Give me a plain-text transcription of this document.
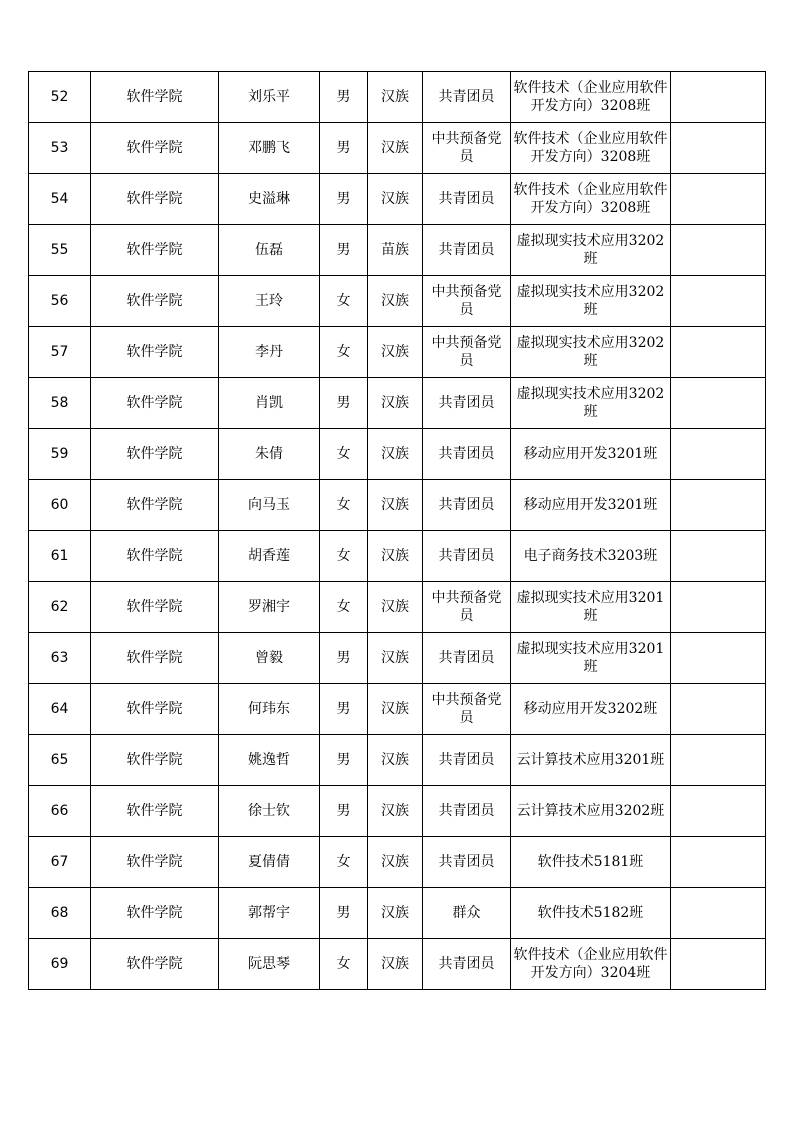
52	软件学院	刘乐平	男	汉族	共青团员	软件技术（企业应用软件开发方向）3208班	
53	软件学院	邓鹏飞	男	汉族	中共预备党员	软件技术（企业应用软件开发方向）3208班	
54	软件学院	史溢琳	男	汉族	共青团员	软件技术（企业应用软件开发方向）3208班	
55	软件学院	伍磊	男	苗族	共青团员	虚拟现实技术应用3202班	
56	软件学院	王玲	女	汉族	中共预备党员	虚拟现实技术应用3202班	
57	软件学院	李丹	女	汉族	中共预备党员	虚拟现实技术应用3202班	
58	软件学院	肖凯	男	汉族	共青团员	虚拟现实技术应用3202班	
59	软件学院	朱倩	女	汉族	共青团员	移动应用开发3201班	
60	软件学院	向马玉	女	汉族	共青团员	移动应用开发3201班	
61	软件学院	胡香莲	女	汉族	共青团员	电子商务技术3203班	
62	软件学院	罗湘宇	女	汉族	中共预备党员	虚拟现实技术应用3201班	
63	软件学院	曾毅	男	汉族	共青团员	虚拟现实技术应用3201班	
64	软件学院	何玮东	男	汉族	中共预备党员	移动应用开发3202班	
65	软件学院	姚逸哲	男	汉族	共青团员	云计算技术应用3201班	
66	软件学院	徐士钦	男	汉族	共青团员	云计算技术应用3202班	
67	软件学院	夏倩倩	女	汉族	共青团员	软件技术5181班	
68	软件学院	郭帮宇	男	汉族	群众	软件技术5182班	
69	软件学院	阮思琴	女	汉族	共青团员	软件技术（企业应用软件开发方向）3204班	
